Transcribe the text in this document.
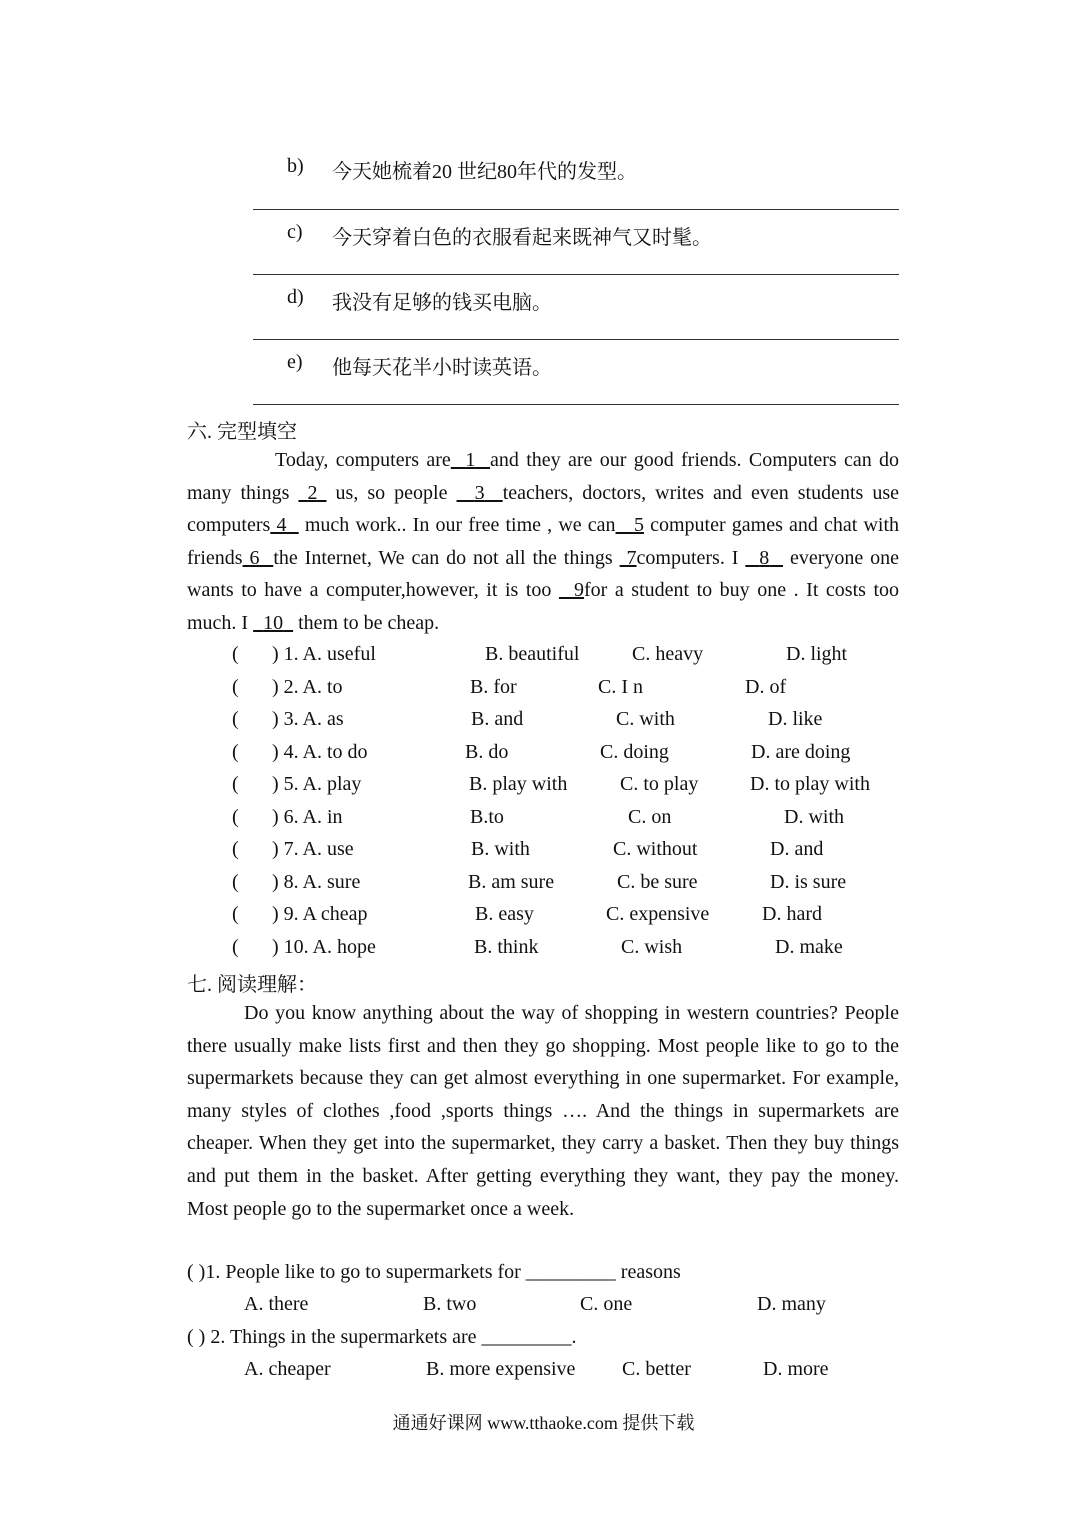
b) 今天她梳着20 世纪80年代的发型。
c) 今天穿着白色的衣服看起来既神气又时髦。
d) 我没有足够的钱买电脑。
e) 他每天花半小时读英语。
六. 完型填空
Today, computers are 1 and they are our good friends. Computers can do many things  2  us, so people   3 teachers, doctors, writes and even students use computers 4   much work.. In our free time , we can 5 computer games and chat with friends 6 the Internet, We can do not all the things  7computers. I   8   everyone one wants to have a computer,however, it is too   9for a student to buy one . It costs too much. I   10   them to be cheap.
( ) 1. A. useful	B. beautiful	C. heavy	D. light
( ) 2. A. to	B. for	C. I n	D. of
( ) 3. A. as	B. and	C. with	D. like
( ) 4. A. to do	B. do	C. doing	D. are doing
( ) 5. A. play	B. play with	C. to play	D. to play with
( ) 6. A. in	B.to	C. on	D. with
( ) 7. A. use	B. with	C. without	D. and
( ) 8. A. sure	B. am sure	C. be sure	D. is sure
( ) 9. A cheap	B. easy	C. expensive	D. hard
( ) 10. A. hope	B. think	C. wish	D. make
七. 阅读理解：
Do you know anything about the way of shopping in western countries? People there usually make lists first and then they go shopping. Most people like to go to the supermarkets because they can get almost everything in one supermarket. For example, many styles of clothes ,food ,sports things …. And the things in supermarkets are cheaper. When they get into the supermarket, they carry a basket. Then they buy things and put them in the basket. After getting everything they want, they pay the money. Most people go to the supermarket once a week.
( )1. People like to go to supermarkets for _________ reasons
A. there	B. two	C. one	D. many
( ) 2. Things in the supermarkets are _________.
A. cheaper	B. more expensive C. better	D. more
通通好课网 www.tthaoke.com 提供下载
